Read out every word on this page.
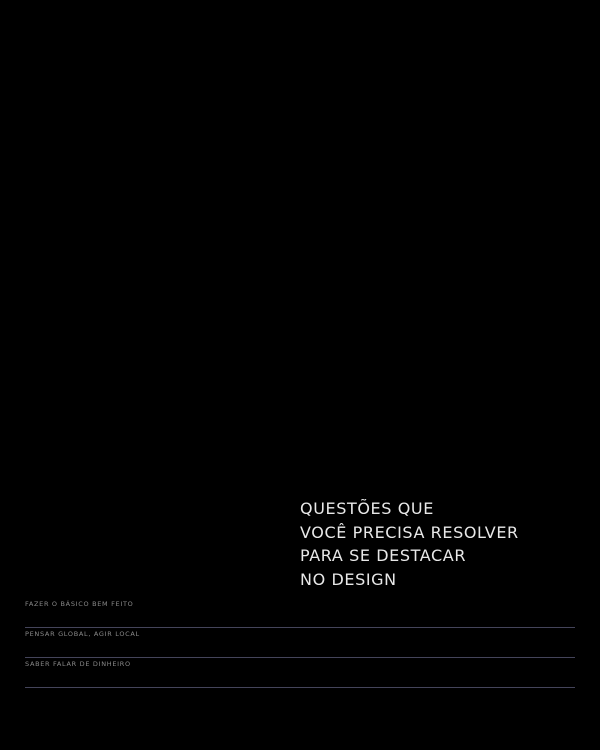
QUESTÕES QUE
VOCÊ PRECISA RESOLVER
PARA SE DESTACAR
NO DESIGN
FAZER O BÁSICO BEM FEITO
PENSAR GLOBAL, AGIR LOCAL
SABER FALAR DE DINHEIRO
